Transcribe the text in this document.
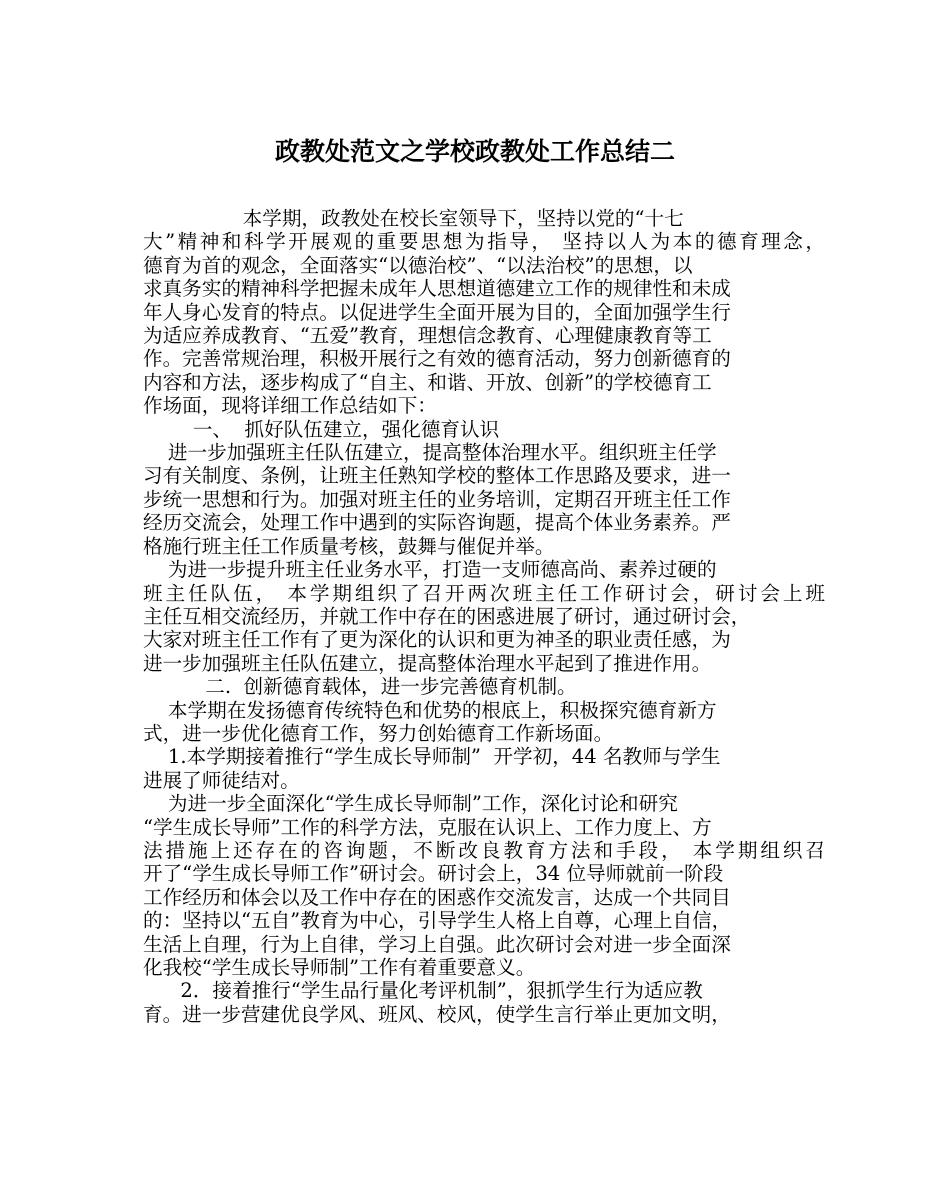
政教处范文之学校政教处工作总结二
本学期，政教处在校长室领导下，坚持以党的“十七
大”精神和科学开展观的重要思想为指导， 坚持以人为本的德育理念，
德育为首的观念，全面落实“以德治校”、“以法治校”的思想，以
求真务实的精神科学把握未成年人思想道德建立工作的规律性和未成
年人身心发育的特点。以促进学生全面开展为目的，全面加强学生行
为适应养成教育、“五爱”教育，理想信念教育、心理健康教育等工
作。完善常规治理，积极开展行之有效的德育活动，努力创新德育的
内容和方法，逐步构成了“自主、和谐、开放、创新”的学校德育工
作场面，现将详细工作总结如下：
一、  抓好队伍建立，强化德育认识
进一步加强班主任队伍建立，提高整体治理水平。组织班主任学
习有关制度、条例，让班主任熟知学校的整体工作思路及要求，进一
步统一思想和行为。加强对班主任的业务培训，定期召开班主任工作
经历交流会，处理工作中遇到的实际咨询题，提高个体业务素养。严
格施行班主任工作质量考核，鼓舞与催促并举。
为进一步提升班主任业务水平，打造一支师德高尚、素养过硬的
班主任队伍， 本学期组织了召开两次班主任工作研讨会，研讨会上班
主任互相交流经历，并就工作中存在的困惑进展了研讨，通过研讨会，
大家对班主任工作有了更为深化的认识和更为神圣的职业责任感，为
进一步加强班主任队伍建立，提高整体治理水平起到了推进作用。
二.  创新德育载体，进一步完善德育机制。
本学期在发扬德育传统特色和优势的根底上，积极探究德育新方
式，进一步优化德育工作，努力创始德育工作新场面。
1.本学期接着推行“学生成长导师制”  开学初，44 名教师与学生
进展了师徒结对。
为进一步全面深化“学生成长导师制”工作，深化讨论和研究
“学生成长导师”工作的科学方法，克服在认识上、工作力度上、方
法措施上还存在的咨询题，不断改良教育方法和手段， 本学期组织召
开了“学生成长导师工作”研讨会。研讨会上，34 位导师就前一阶段
工作经历和体会以及工作中存在的困惑作交流发言，达成一个共同目
的：坚持以“五自”教育为中心，引导学生人格上自尊，心理上自信，
生活上自理，行为上自律，学习上自强。此次研讨会对进一步全面深
化我校“学生成长导师制”工作有着重要意义。
2．接着推行“学生品行量化考评机制”，狠抓学生行为适应教
育。进一步营建优良学风、班风、校风，使学生言行举止更加文明，
